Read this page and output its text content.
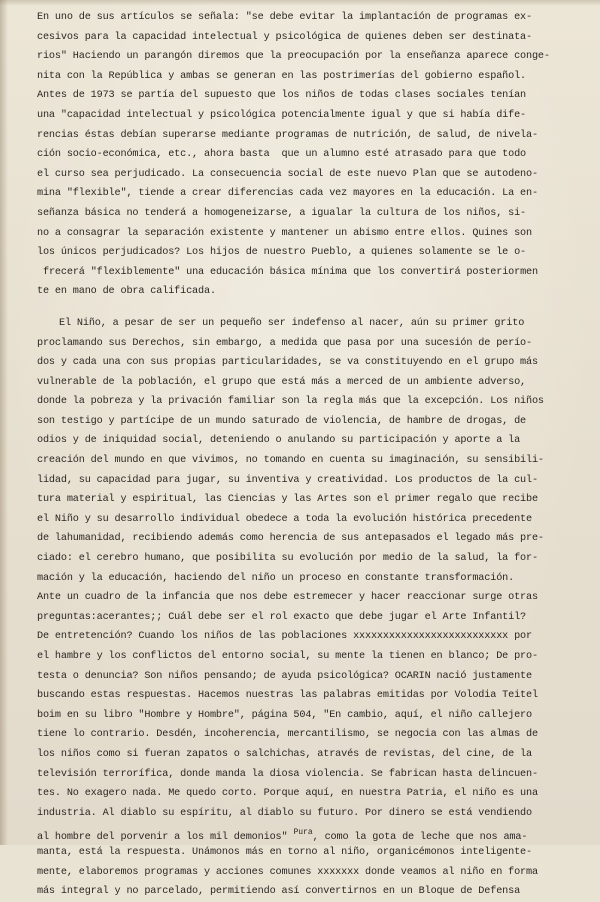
En uno de sus artículos se señala: "se debe evitar la implantación de programas ex-
cesivos para la capacidad intelectual y psicológica de quienes deben ser destinata-
rios" Haciendo un parangón diremos que la preocupación por la enseñanza aparece conge-
nita con la República y ambas se generan en las postrimerías del gobierno español.
Antes de 1973 se partía del supuesto que los niños de todas clases sociales tenían
una "capacidad intelectual y psicológica potencialmente igual y que si había dife-
rencias éstas debían superarse mediante programas de nutrición, de salud, de nivela-
ción socio-económica, etc., ahora basta  que un alumno esté atrasado para que todo
el curso sea perjudicado. La consecuencia social de este nuevo Plan que se autodeno-
mina "flexible", tiende a crear diferencias cada vez mayores en la educación. La en-
señanza básica no tenderá a homogeneizarse, a igualar la cultura de los niños, si-
no a consagrar la separación existente y mantener un abismo entre ellos. Quines son
los únicos perjudicados? Los hijos de nuestro Pueblo, a quienes solamente se le o-
frecerá "flexiblemente" una educación básica mínima que los convertirá posteriormen
te en mano de obra calificada.
El Niño, a pesar de ser un pequeño ser indefenso al nacer, aún su primer grito
proclamando sus Derechos, sin embargo, a medida que pasa por una sucesión de perío-
dos y cada una con sus propias particularidades, se va constituyendo en el grupo más
vulnerable de la población, el grupo que está más a merced de un ambiente adverso,
donde la pobreza y la privación familiar son la regla más que la excepción. Los niños
son testigo y partícipe de un mundo saturado de violencia, de hambre de drogas, de
odios y de iniquidad social, deteniendo o anulando su participación y aporte a la
creación del mundo en que vivimos, no tomando en cuenta su imaginación, su sensibili-
lidad, su capacidad para jugar, su inventiva y creatividad. Los productos de la cul-
tura material y espiritual, las Ciencias y las Artes son el primer regalo que recibe
el Niño y su desarrollo individual obedece a toda la evolución histórica precedente
de lahumanidad, recibiendo además como herencia de sus antepasados el legado más pre-
ciado: el cerebro humano, que posibilita su evolución por medio de la salud, la for-
mación y la educación, haciendo del niño un proceso en constante transformación.
Ante un cuadro de la infancia que nos debe estremecer y hacer reaccionar surge otras
preguntas:acerantes;; Cuál debe ser el rol exacto que debe jugar el Arte Infantil?
De entretención? Cuando los niños de las poblaciones xxxxxxxxxxxxxxxxxxxxxxxxxx por
el hambre y los conflictos del entorno social, su mente la tienen en blanco; De pro-
testa o denuncia? Son niños pensando; de ayuda psicológica? OCARIN nació justamente
buscando estas respuestas. Hacemos nuestras las palabras emitidas por Volodia Teitel
boim en su libro "Hombre y Hombre", página 504, "En cambio, aquí, el niño callejero
tiene lo contrario. Desdén, incoherencia, mercantilismo, se negocia con las almas de
los niños como si fueran zapatos o salchichas, através de revistas, del cine, de la
televisión terrorífica, donde manda la diosa violencia. Se fabrican hasta delincuen-
tes. No exagero nada. Me quedo corto. Porque aquí, en nuestra Patria, el niño es una
industria. Al diablo su espíritu, al diablo su futuro. Por dinero se está vendiendo
al hombre del porvenir a los mil demonios" $^{Pura}$, como la gota de leche que nos ama-
manta, está la respuesta. Unámonos más en torno al niño, organicémonos inteligente-
mente, elaboremos programas y acciones comunes xxxxxxx donde veamos al niño en forma
más integral y no parcelado, permitiendo así convertirnos en un Bloque de Defensa
